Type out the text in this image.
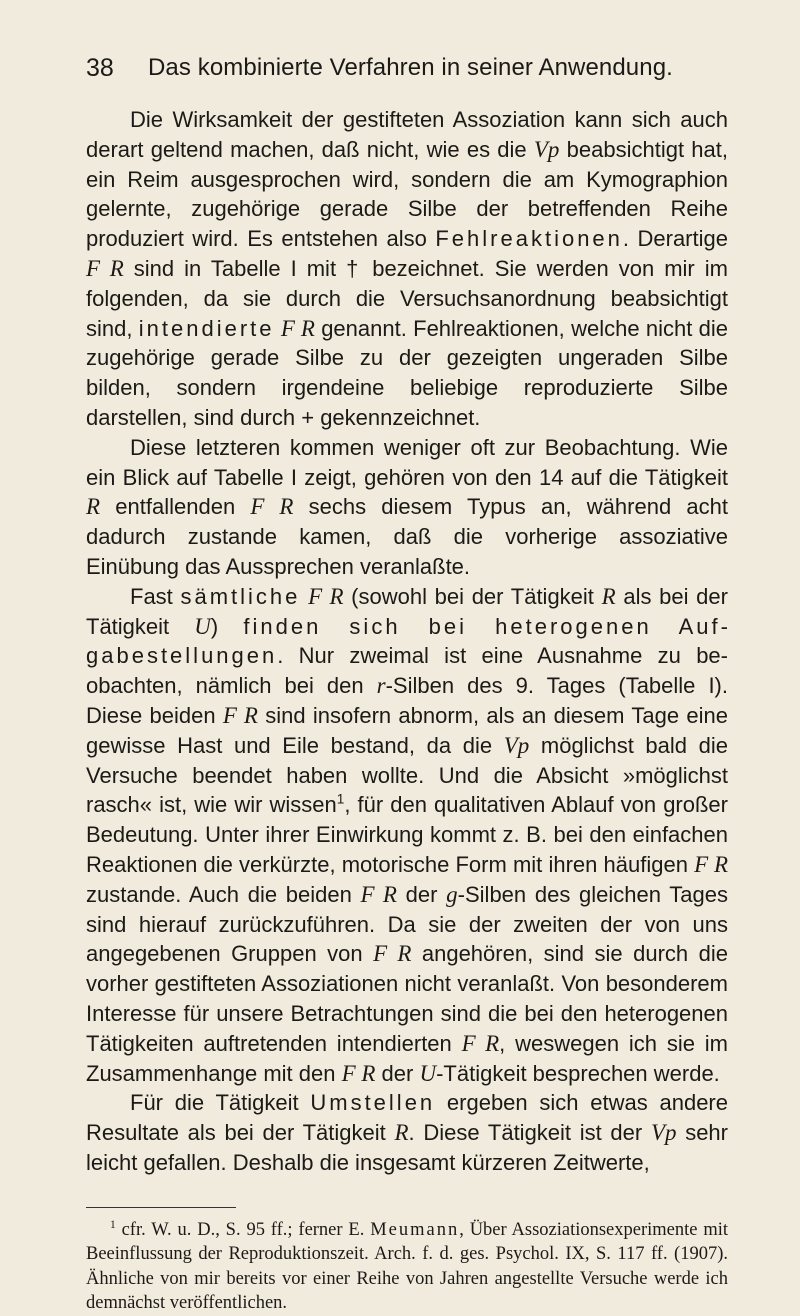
38 Das kombinierte Verfahren in seiner Anwendung.

Die Wirksamkeit der gestifteten Assoziation kann sich auch derart geltend machen, daß nicht, wie es die Vp beabsichtigt hat, ein Reim ausgesprochen wird, sondern die am Kymographion gelernte, zugehörige gerade Silbe der betreffenden Reihe produziert wird. Es entstehen also Fehlreaktionen. Derartige F R sind in Tabelle I mit † bezeichnet. Sie werden von mir im folgenden, da sie durch die Versuchsanordnung beabsichtigt sind, intendierte F R genannt. Fehlreaktionen, welche nicht die zugehörige gerade Silbe zu der gezeigten ungeraden Silbe bilden, sondern irgendeine beliebige reproduzierte Silbe darstellen, sind durch + gekennzeichnet.

Diese letzteren kommen weniger oft zur Beobachtung. Wie ein Blick auf Tabelle I zeigt, gehören von den 14 auf die Tätigkeit R entfallenden F R sechs diesem Typus an, während acht dadurch zustande kamen, daß die vorherige assoziative Einübung das Aussprechen veranlaßte.

Fast sämtliche F R (sowohl bei der Tätigkeit R als bei der Tätigkeit U) finden sich bei heterogenen Aufgabestellungen. Nur zweimal ist eine Ausnahme zu beobachten, nämlich bei den r-Silben des 9. Tages (Tabelle I). Diese beiden F R sind insofern abnorm, als an diesem Tage eine gewisse Hast und Eile bestand, da die Vp möglichst bald die Versuche beendet haben wollte. Und die Absicht »möglichst rasch« ist, wie wir wissen$^1$, für den qualitativen Ablauf von großer Bedeutung. Unter ihrer Einwirkung kommt z. B. bei den einfachen Reaktionen die verkürzte, motorische Form mit ihren häufigen F R zustande. Auch die beiden F R der g-Silben des gleichen Tages sind hierauf zurückzuführen. Da sie der zweiten der von uns angegebenen Gruppen von F R angehören, sind sie durch die vorher gestifteten Assoziationen nicht veranlaßt. Von besonderem Interesse für unsere Betrachtungen sind die bei den heterogenen Tätigkeiten auftretenden intendierten F R, weswegen ich sie im Zusammenhange mit den F R der U-Tätigkeit besprechen werde.

Für die Tätigkeit Umstellen ergeben sich etwas andere Resultate als bei der Tätigkeit R. Diese Tätigkeit ist der Vp sehr leicht gefallen. Deshalb die insgesamt kürzeren Zeitwerte,

$^1$ cfr. W. u. D., S. 95 ff.; ferner E. Meumann, Über Assoziationsexperimente mit Beeinflussung der Reproduktionszeit. Arch. f. d. ges. Psychol. IX, S. 117 ff. (1907). Ähnliche von mir bereits vor einer Reihe von Jahren angestellte Versuche werde ich demnächst veröffentlichen.
